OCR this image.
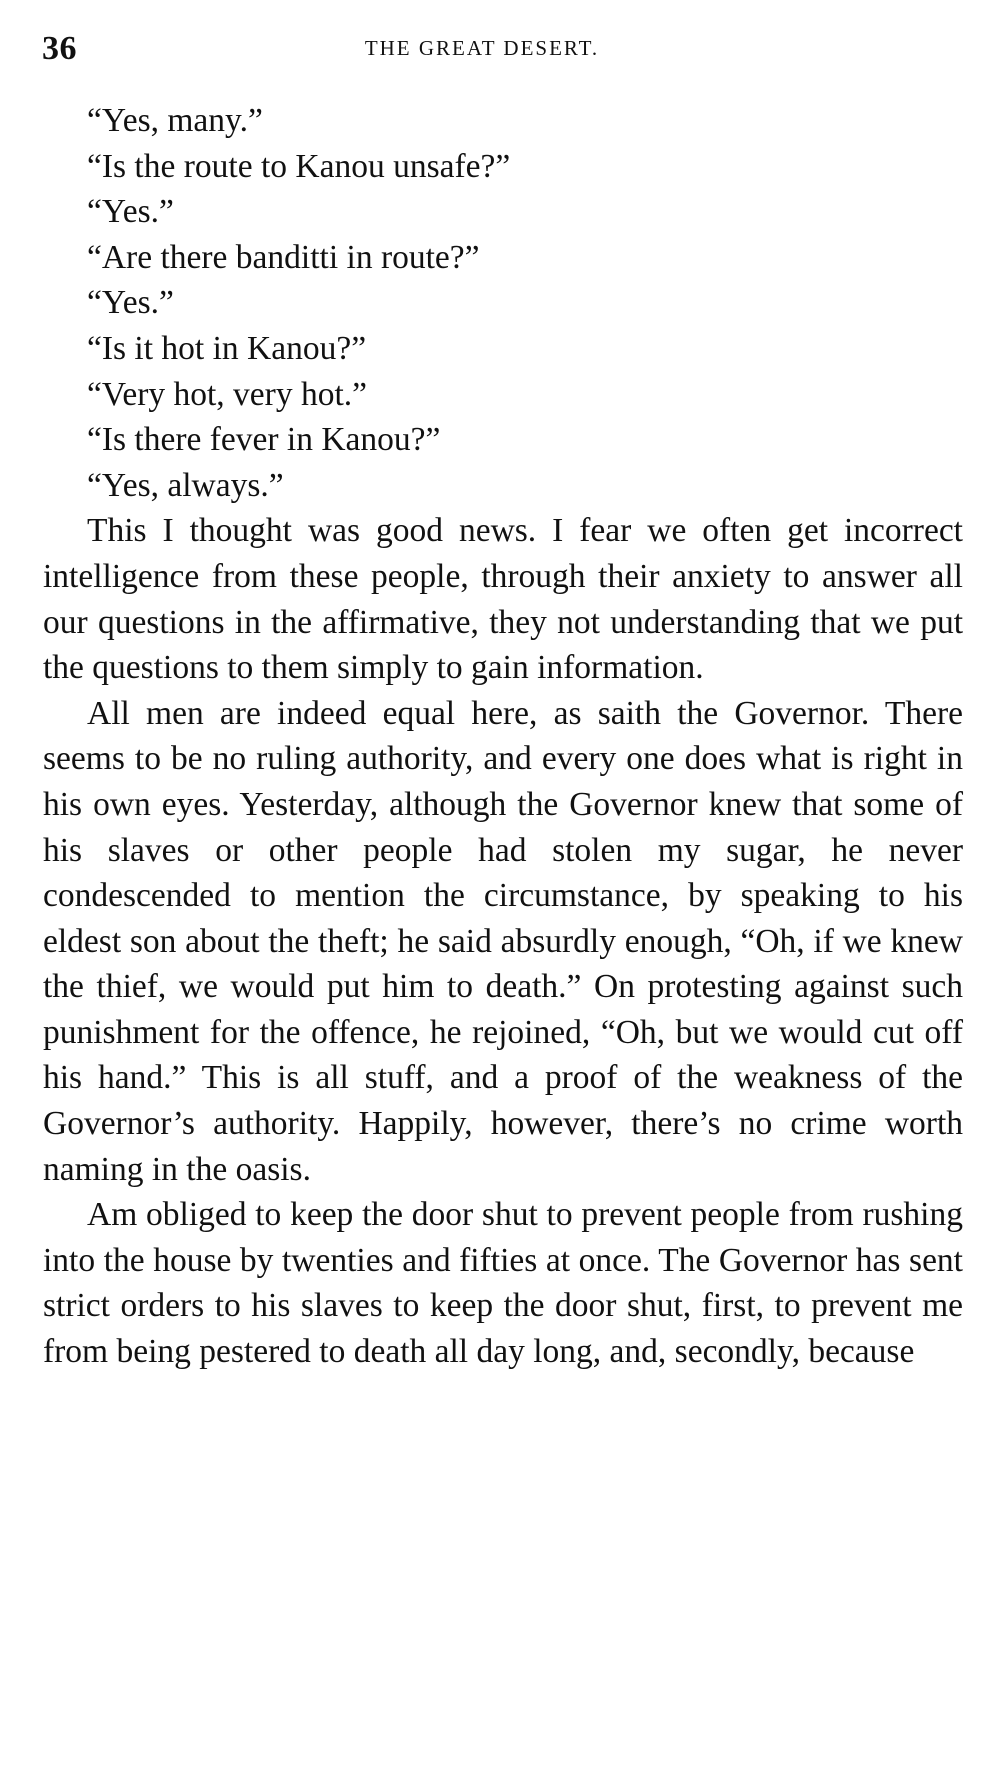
36	THE GREAT DESERT.
“Yes, many.”
“Is the route to Kanou unsafe?”
“Yes.”
“Are there banditti in route?”
“Yes.”
“Is it hot in Kanou?”
“Very hot, very hot.”
“Is there fever in Kanou?”
“Yes, always.”

This I thought was good news. I fear we often get incorrect intelligence from these people, through their anxiety to answer all our questions in the affirmative, they not understanding that we put the questions to them simply to gain information.

All men are indeed equal here, as saith the Governor. There seems to be no ruling authority, and every one does what is right in his own eyes. Yesterday, although the Governor knew that some of his slaves or other people had stolen my sugar, he never condescended to mention the circumstance, by speaking to his eldest son about the theft; he said absurdly enough, “Oh, if we knew the thief, we would put him to death.” On protesting against such punishment for the offence, he rejoined, “Oh, but we would cut off his hand.” This is all stuff, and a proof of the weakness of the Governor’s authority. Happily, however, there’s no crime worth naming in the oasis.

Am obliged to keep the door shut to prevent people from rushing into the house by twenties and fifties at once. The Governor has sent strict orders to his slaves to keep the door shut, first, to prevent me from being pestered to death all day long, and, secondly, because
